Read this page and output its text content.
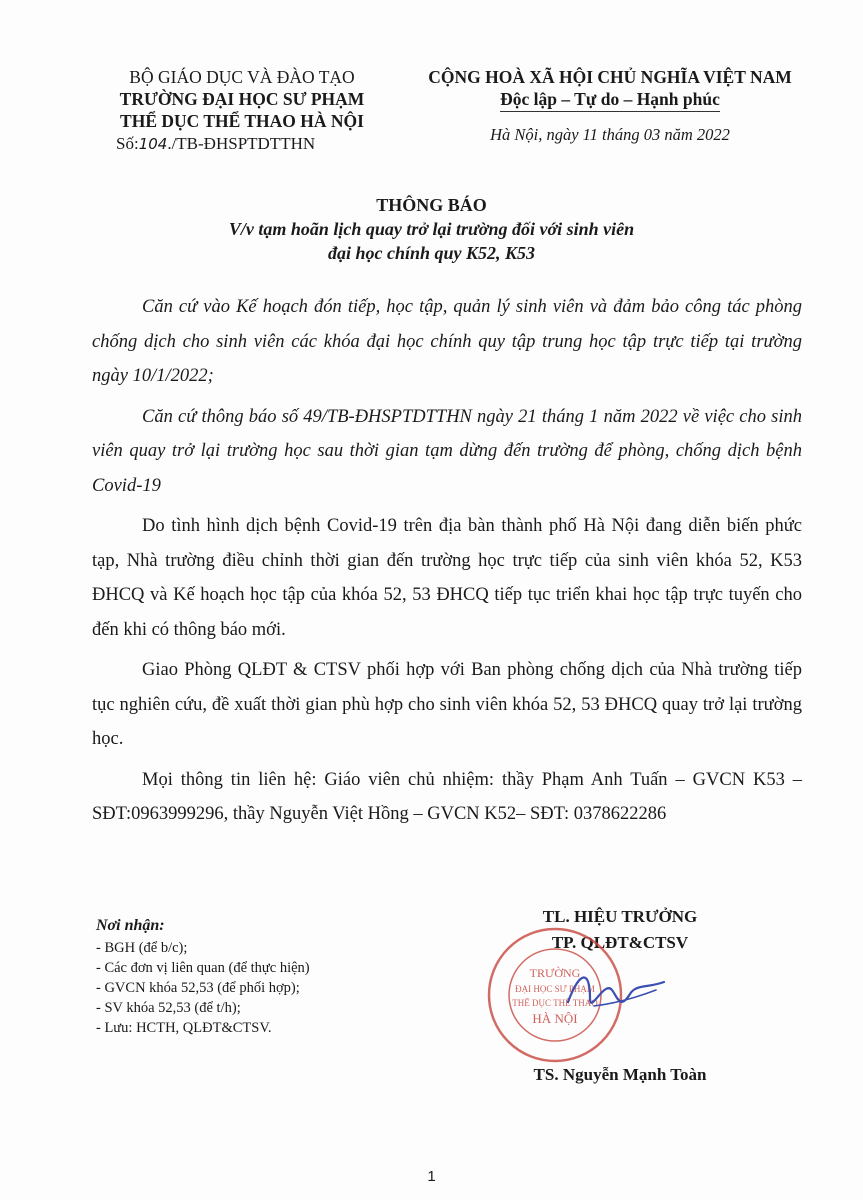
BỘ GIÁO DỤC VÀ ĐÀO TẠO
TRƯỜNG ĐẠI HỌC SƯ PHẠM
THỂ DỤC THỂ THAO HÀ NỘI
Số:104./TB-ĐHSPTDTTHN
CỘNG HOÀ XÃ HỘI CHỦ NGHĨA VIỆT NAM
Độc lập – Tự do – Hạnh phúc
Hà Nội, ngày 11 tháng 03 năm 2022
THÔNG BÁO
V/v tạm hoãn lịch quay trở lại trường đối với sinh viên
đại học chính quy K52, K53

Căn cứ vào Kế hoạch đón tiếp, học tập, quản lý sinh viên và đảm bảo công tác phòng chống dịch cho sinh viên các khóa đại học chính quy tập trung học tập trực tiếp tại trường ngày 10/1/2022;

Căn cứ thông báo số 49/TB-ĐHSPTDTTHN ngày 21 tháng 1 năm 2022 về việc cho sinh viên quay trở lại trường học sau thời gian tạm dừng đến trường để phòng, chống dịch bệnh Covid-19

Do tình hình dịch bệnh Covid-19 trên địa bàn thành phố Hà Nội đang diễn biến phức tạp, Nhà trường điều chỉnh thời gian đến trường học trực tiếp của sinh viên khóa 52, K53 ĐHCQ và Kế hoạch học tập của khóa 52, 53 ĐHCQ tiếp tục triển khai học tập trực tuyến cho đến khi có thông báo mới.

Giao Phòng QLĐT & CTSV phối hợp với Ban phòng chống dịch của Nhà trường tiếp tục nghiên cứu, đề xuất thời gian phù hợp cho sinh viên khóa 52, 53 ĐHCQ quay trở lại trường học.

Mọi thông tin liên hệ: Giáo viên chủ nhiệm: thầy Phạm Anh Tuấn – GVCN K53 – SĐT:0963999296, thầy Nguyễn Việt Hồng – GVCN K52– SĐT: 0378622286

Nơi nhận:
- BGH (để b/c);
- Các đơn vị liên quan (để thực hiện)
- GVCN khóa 52,53 (để phối hợp);
- SV khóa 52,53 (để t/h);
- Lưu: HCTH, QLĐT&CTSV.
TL. HIỆU TRƯỞNG
TP. QLĐT&CTSV
TS. Nguyễn Mạnh Toàn
TRƯỜNG
ĐẠI HỌC SƯ PHẠM
THỂ DỤC THỂ THAO
HÀ NỘI
1
